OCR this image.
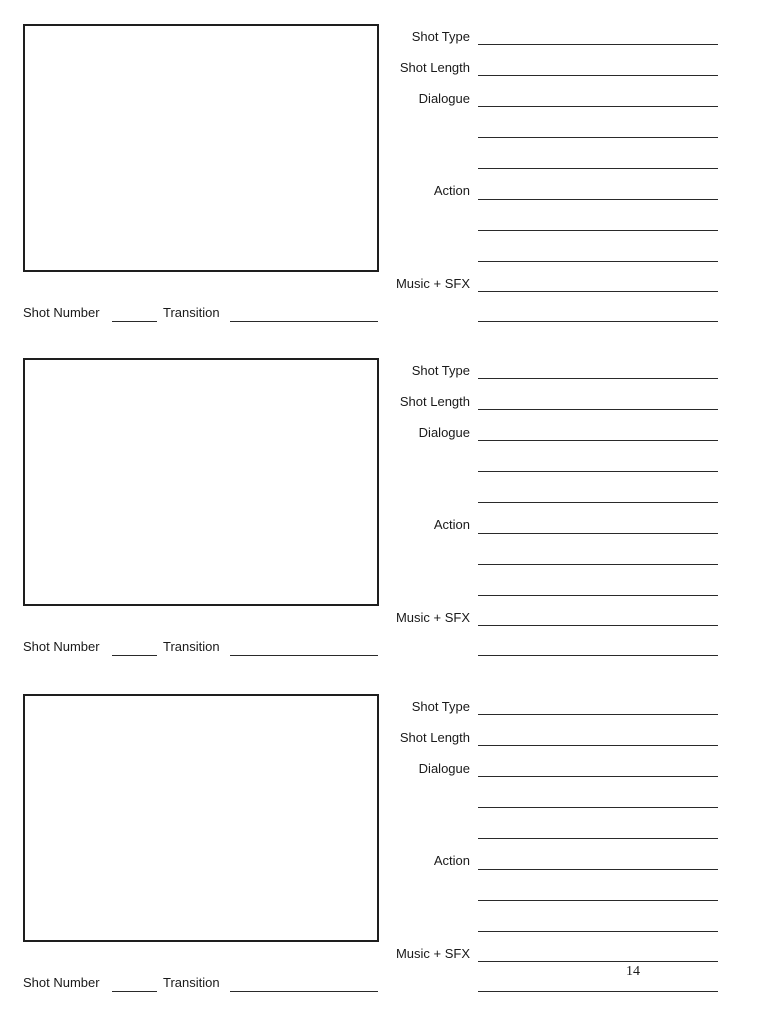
Shot Type
Shot Length
Dialogue
Action
Music + SFX
Shot Number	Transition
Shot Type
Shot Length
Dialogue
Action
Music + SFX
Shot Number	Transition
Shot Type
Shot Length
Dialogue
Action
Music + SFX
Shot Number	Transition
14
